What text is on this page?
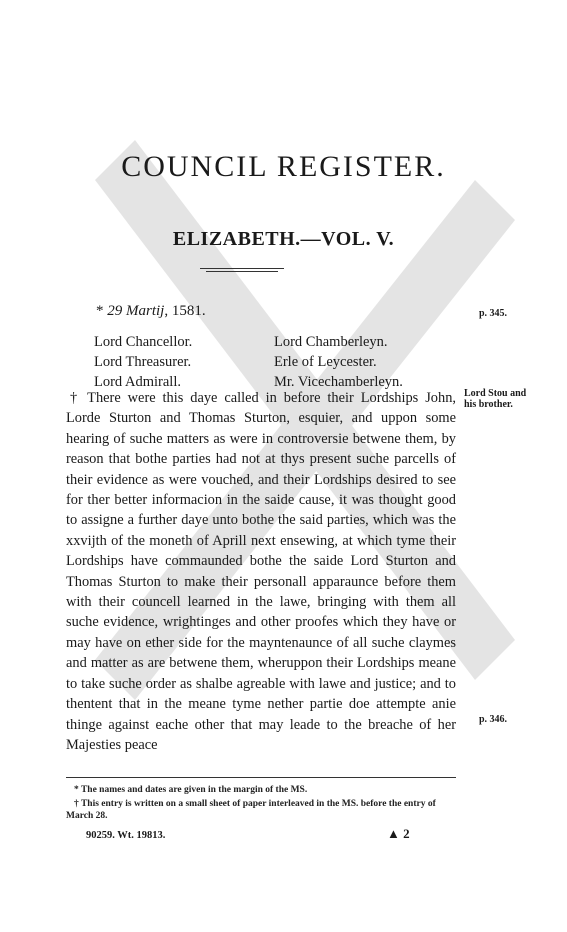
COUNCIL REGISTER.
ELIZABETH.—VOL. V.
* 29 Martij, 1581.	p. 345.
Lord Chancellor.
Lord Threasurer.
Lord Admirall.
Lord Chamberleyn.
Erle of Leycester.
Mr. Vicechamberleyn.

† There were this daye called in before their Lordships John, Lorde Sturton and Thomas Sturton, esquier, and uppon some hearing of suche matters as were in controversie betwene them, by reason that bothe parties had not at thys present suche parcells of their evidence as were vouched, and their Lordships desired to see for ther better informacion in the saide cause, it was thought good to assigne a further daye unto bothe the said parties, which was the xxvijth of the moneth of Aprill next ensewing, at which tyme their Lordships have commaunded bothe the saide Lord Sturton and Thomas Sturton to make their personall apparaunce before them with their councell learned in the lawe, bringing with them all suche evidence, wrightinges and other proofes which they have or may have on ether side for the mayntenaunce of all suche claymes and matter as are betwene them, wheruppon their Lordships meane to take suche order as shalbe agreable with lawe and justice; and to thentent that in the meane tyme nether partie doe attempte anie thinge against eache other that may leade to the breache of her Majesties peace

Lord Stou and his brother.
p. 346.

* The names and dates are given in the margin of the MS.

† This entry is written on a small sheet of paper interleaved in the MS. before the entry of March 28.

90259. Wt. 19813.	▲ 2
